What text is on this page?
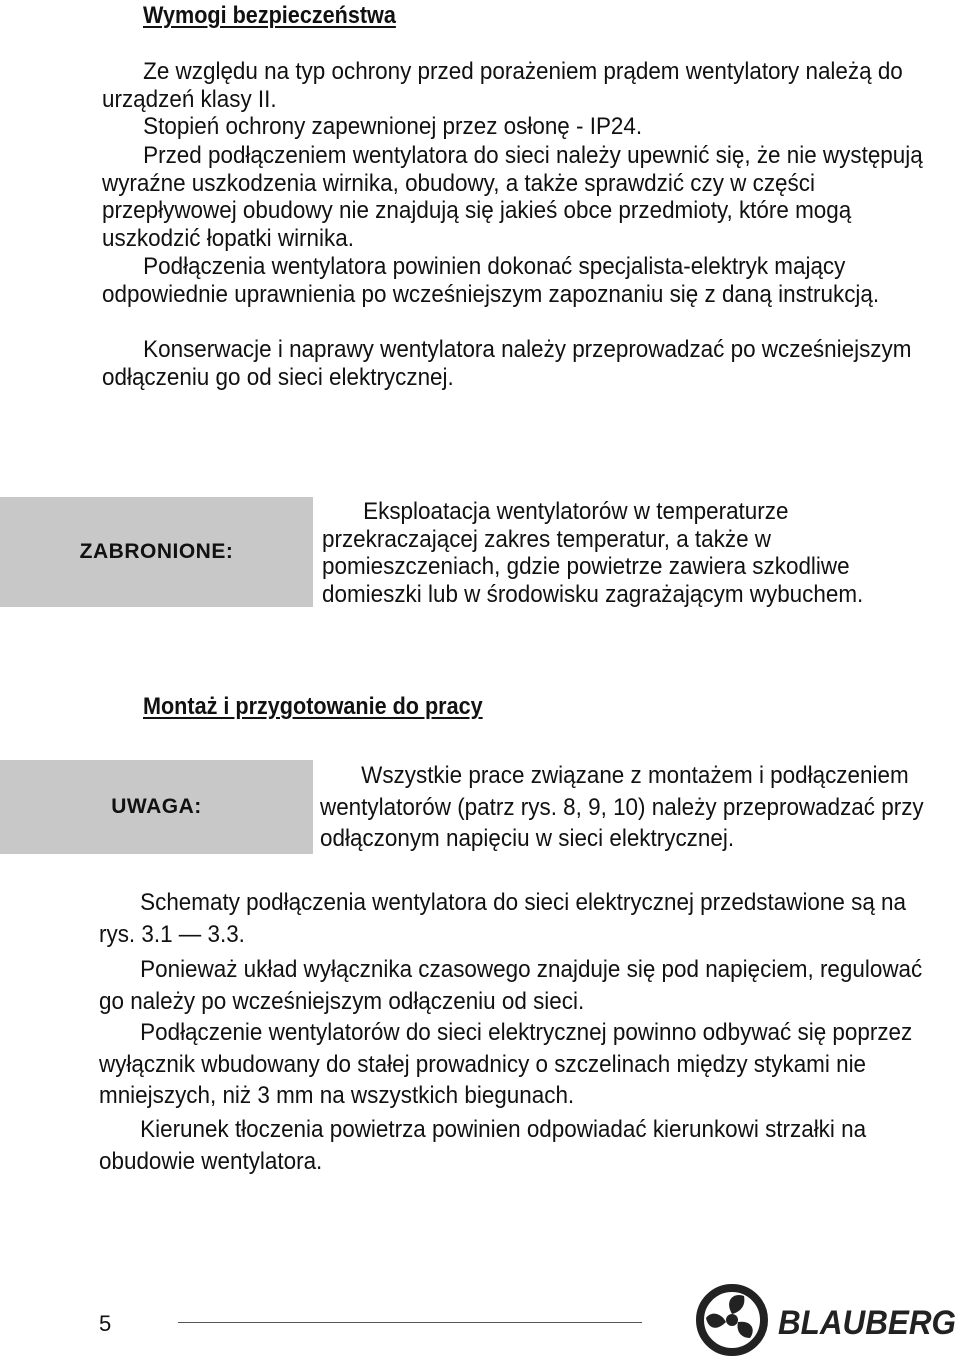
Wymogi bezpieczeństwa
Ze względu na typ ochrony przed porażeniem prądem wentylatory należą do urządzeń klasy II.
Stopień ochrony zapewnionej przez osłonę - IP24.
Przed podłączeniem wentylatora do sieci należy upewnić się, że nie występują wyraźne uszkodzenia wirnika, obudowy, a także sprawdzić czy w części przepływowej obudowy nie znajdują się jakieś obce przedmioty, które mogą uszkodzić łopatki wirnika.
Podłączenia wentylatora powinien dokonać specjalista-elektryk mający odpowiednie uprawnienia po wcześniejszym zapoznaniu się z daną instrukcją.
Konserwacje i naprawy wentylatora należy przeprowadzać po wcześniejszym odłączeniu go od sieci elektrycznej.
ZABRONIONE:
Eksploatacja wentylatorów w temperaturze przekraczającej zakres temperatur, a także w pomieszczeniach, gdzie powietrze zawiera szkodliwe domieszki lub w środowisku zagrażającym wybuchem.
Montaż i przygotowanie do pracy
UWAGA:
Wszystkie prace związane z montażem i podłączeniem wentylatorów (patrz rys. 8, 9, 10) należy przeprowadzać przy odłączonym napięciu w sieci elektrycznej.
Schematy podłączenia wentylatora do sieci elektrycznej przedstawione są na rys. 3.1 — 3.3.
Ponieważ układ wyłącznika czasowego znajduje się pod napięciem, regulować go należy po wcześniejszym odłączeniu od sieci.
Podłączenie wentylatorów do sieci elektrycznej powinno odbywać się poprzez wyłącznik wbudowany do stałej prowadnicy o szczelinach między stykami nie mniejszych, niż 3 mm na wszystkich biegunach.
Kierunek tłoczenia powietrza powinien odpowiadać kierunkowi strzałki na obudowie wentylatora.
5	BLAUBERG
